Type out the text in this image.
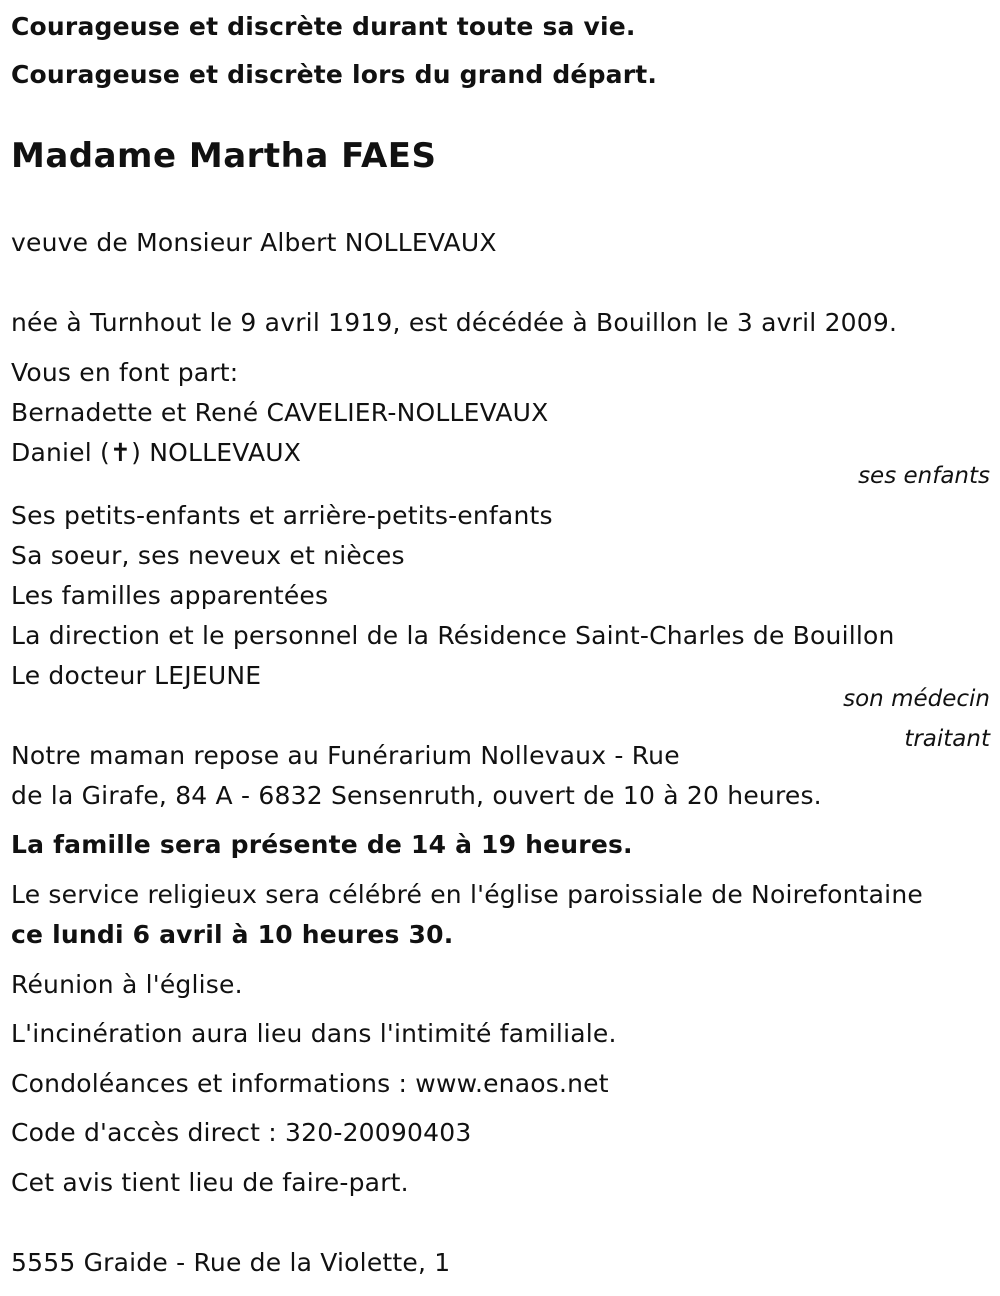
Courageuse et discrète durant toute sa vie.
Courageuse et discrète lors du grand départ.
Madame Martha FAES
veuve de Monsieur Albert NOLLEVAUX
née à Turnhout le 9 avril 1919, est décédée à Bouillon le 3 avril 2009.
Vous en font part:
Bernadette et René CAVELIER-NOLLEVAUX
Daniel (✝) NOLLEVAUX
ses enfants
Ses petits-enfants et arrière-petits-enfants
Sa soeur, ses neveux et nièces
Les familles apparentées
La direction et le personnel de la Résidence Saint-Charles de Bouillon
Le docteur LEJEUNE
son médecin
traitant
Notre maman repose au Funérarium Nollevaux - Rue
de la Girafe, 84 A - 6832 Sensenruth, ouvert de 10 à 20 heures.
La famille sera présente de 14 à 19 heures.
Le service religieux sera célébré en l'église paroissiale de Noirefontaine
ce lundi 6 avril à 10 heures 30.
Réunion à l'église.
L'incinération aura lieu dans l'intimité familiale.
Condoléances et informations : www.enaos.net
Code d'accès direct : 320-20090403
Cet avis tient lieu de faire-part.
5555 Graide - Rue de la Violette, 1
